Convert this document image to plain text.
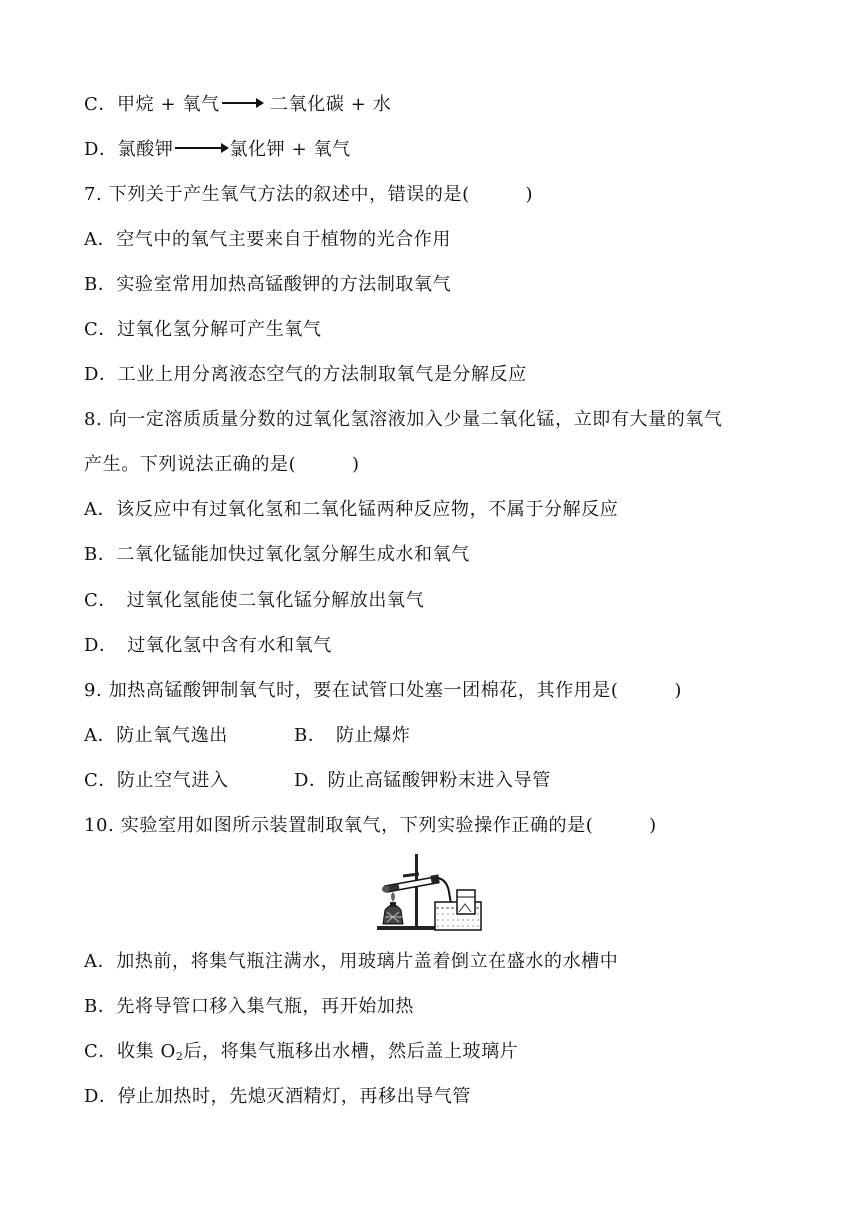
C．甲烷 + 氧气 → 二氧化碳 + 水
D．氯酸钾 → 氯化钾 + 氧气
7. 下列关于产生氧气方法的叙述中，错误的是(　　　)
A．空气中的氧气主要来自于植物的光合作用
B．实验室常用加热高锰酸钾的方法制取氧气
C．过氧化氢分解可产生氧气
D．工业上用分离液态空气的方法制取氧气是分解反应
8. 向一定溶质质量分数的过氧化氢溶液加入少量二氧化锰，立即有大量的氧气
产生。下列说法正确的是(　　　)
A．该反应中有过氧化氢和二氧化锰两种反应物，不属于分解反应
B．二氧化锰能加快过氧化氢分解生成水和氧气
C．　过氧化氢能使二氧化锰分解放出氧气
D．　过氧化氢中含有水和氧气
9. 加热高锰酸钾制氧气时，要在试管口处塞一团棉花，其作用是(　　　)
A．防止氧气逸出	B．　防止爆炸
C．防止空气进入	D．防止高锰酸钾粉末进入导管
10. 实验室用如图所示装置制取氧气，下列实验操作正确的是(　　　)
A．加热前，将集气瓶注满水，用玻璃片盖着倒立在盛水的水槽中
B．先将导管口移入集气瓶，再开始加热
C．收集 $O_2$后，将集气瓶移出水槽，然后盖上玻璃片
D．停止加热时，先熄灭酒精灯，再移出导气管
